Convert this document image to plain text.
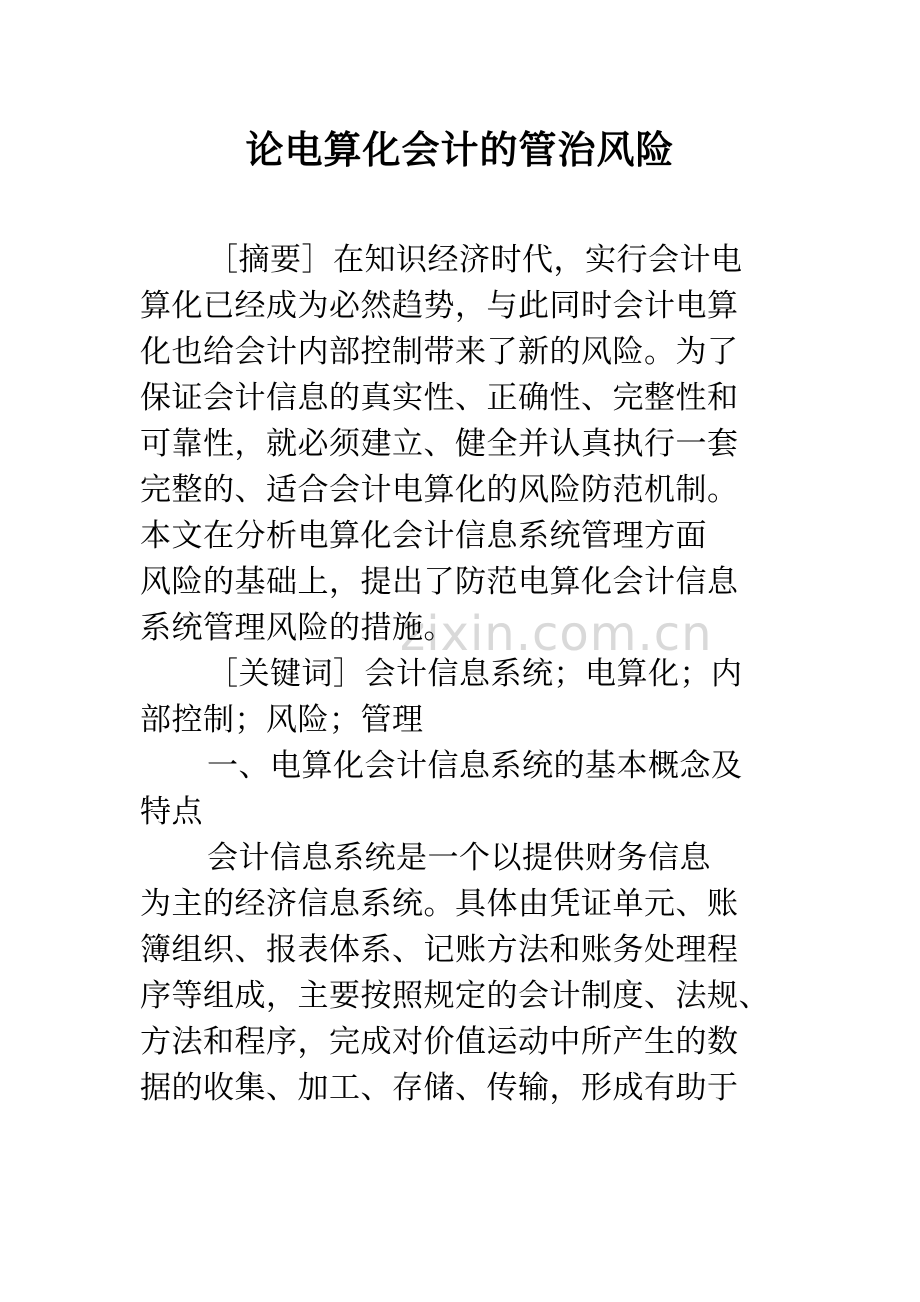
论电算化会计的管治风险
zixin.com.cn
［摘要］在知识经济时代，实行会计电
算化已经成为必然趋势，与此同时会计电算
化也给会计内部控制带来了新的风险。为了
保证会计信息的真实性、正确性、完整性和
可靠性，就必须建立、健全并认真执行一套
完整的、适合会计电算化的风险防范机制。
本文在分析电算化会计信息系统管理方面
风险的基础上，提出了防范电算化会计信息
系统管理风险的措施。
［关键词］会计信息系统；电算化；内
部控制；风险；管理
一、电算化会计信息系统的基本概念及
特点
会计信息系统是一个以提供财务信息
为主的经济信息系统。具体由凭证单元、账
簿组织、报表体系、记账方法和账务处理程
序等组成，主要按照规定的会计制度、法规、
方法和程序，完成对价值运动中所产生的数
据的收集、加工、存储、传输，形成有助于
